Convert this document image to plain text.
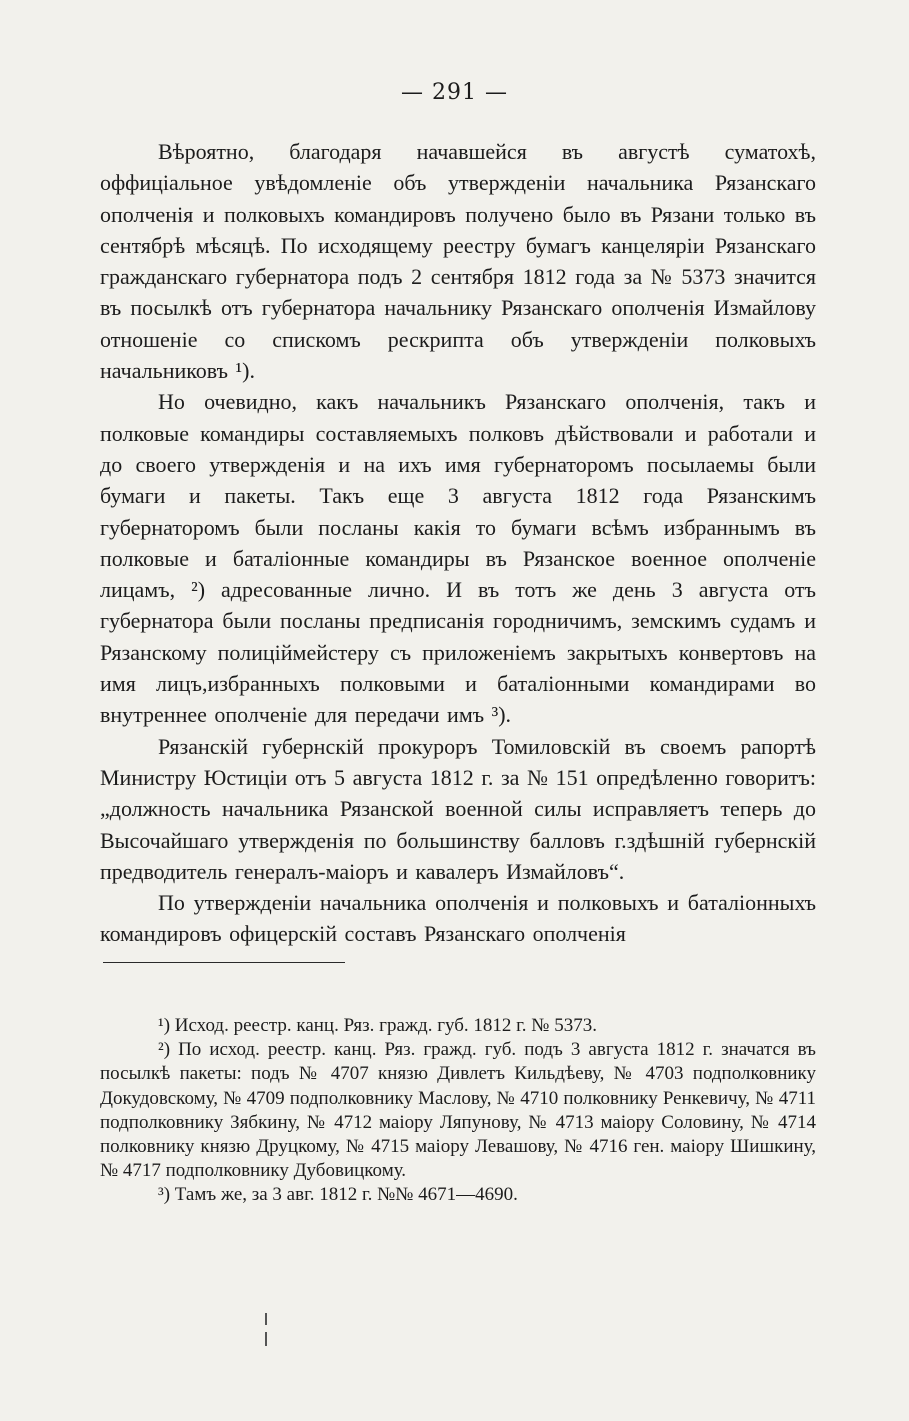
— 291 —

Вѣроятно, благодаря начавшейся въ августѣ суматохѣ, оффиціальное увѣдомленіе объ утвержденіи начальника Рязанскаго ополченія и полковыхъ командировъ получено было въ Рязани только въ сентябрѣ мѣсяцѣ. По исходящему реестру бумагъ канцеляріи Рязанскаго гражданскаго губернатора подъ 2 сентября 1812 года за № 5373 значится въ посылкѣ отъ губернатора начальнику Рязанскаго ополченія Измайлову отношеніе со спискомъ рескрипта объ утвержденіи полковыхъ начальниковъ ¹).

Но очевидно, какъ начальникъ Рязанскаго ополченія, такъ и полковые командиры составляемыхъ полковъ дѣйствовали и работали и до своего утвержденія и на ихъ имя губернаторомъ посылаемы были бумаги и пакеты. Такъ еще 3 августа 1812 года Рязанскимъ губернаторомъ были посланы какія то бумаги всѣмъ избраннымъ въ полковые и баталіонные командиры въ Рязанское военное ополченіе лицамъ, ²) адресованные лично. И въ тотъ же день 3 августа отъ губернатора были посланы предписанія городничимъ, земскимъ судамъ и Рязанскому полиціймейстеру съ приложеніемъ закрытыхъ конвертовъ на имя лицъ,избранныхъ полковыми и баталіонными командирами во внутреннее ополченіе для передачи имъ ³).

Рязанскій губернскій прокуроръ Томиловскій въ своемъ рапортѣ Министру Юстиціи отъ 5 августа 1812 г. за № 151 опредѣленно говоритъ:„должность начальника Рязанской военной силы исправляетъ теперь до Высочайшаго утвержденія по большинству балловъ г.здѣшній губернскій предводитель генералъ-маіоръ и кавалеръ Измайловъ“.

По утвержденіи начальника ополченія и полковыхъ и баталіонныхъ командировъ офицерскій составъ Рязанскаго ополченія

¹) Исход. реестр. канц. Ряз. гражд. губ. 1812 г. № 5373.

²) По исход. реестр. канц. Ряз. гражд. губ. подъ 3 августа 1812 г. значатся въ посылкѣ пакеты: подъ № 4707 князю Дивлетъ Кильдѣеву, № 4703 подполковнику Докудовскому, № 4709 подполковнику Маслову, № 4710 полковнику Ренкевичу, № 4711 подполковнику Зябкину, № 4712 маіору Ляпунову, № 4713 маіору Соловину, № 4714 полковнику князю Друцкому, № 4715 маіору Левашову, № 4716 ген. маіору Шишкину, № 4717 подполковнику Дубовицкому.

³) Тамъ же, за 3 авг. 1812 г. №№ 4671—4690.
